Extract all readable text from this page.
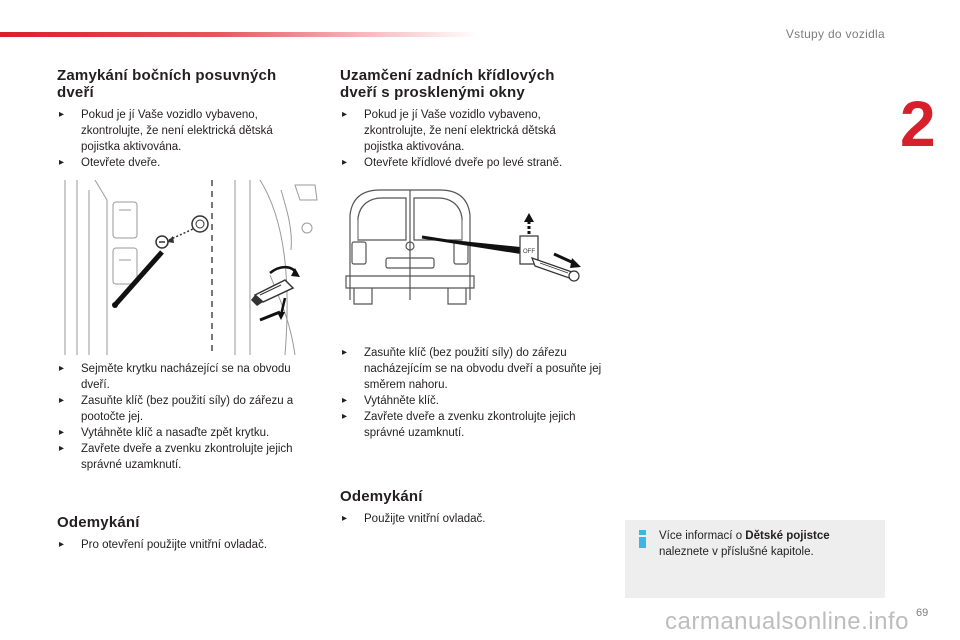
Vstupy do vozidla
2
Zamykání bočních posuvných dveří
▸ Pokud je jí Vaše vozidlo vybaveno, zkontrolujte, že není elektrická dětská pojistka aktivována.
▸ Otevřete dveře.
▸ Sejměte krytku nacházející se na obvodu dveří.
▸ Zasuňte klíč (bez použití síly) do zářezu a pootočte jej.
▸ Vytáhněte klíč a nasaďte zpět krytku.
▸ Zavřete dveře a zvenku zkontrolujte jejich správné uzamknutí.
Odemykání
▸ Pro otevření použijte vnitřní ovladač.
Uzamčení zadních křídlových dveří s prosklenými okny
▸ Pokud je jí Vaše vozidlo vybaveno, zkontrolujte, že není elektrická dětská pojistka aktivována.
▸ Otevřete křídlové dveře po levé straně.
OFF
▸ Zasuňte klíč (bez použití síly) do zářezu nacházejícím se na obvodu dveří a posuňte jej směrem nahoru.
▸ Vytáhněte klíč.
▸ Zavřete dveře a zvenku zkontrolujte jejich správné uzamknutí.
Odemykání
▸ Použijte vnitřní ovladač.
Více informací o Dětské pojistce naleznete v příslušné kapitole.
carmanualsonline.info 69
